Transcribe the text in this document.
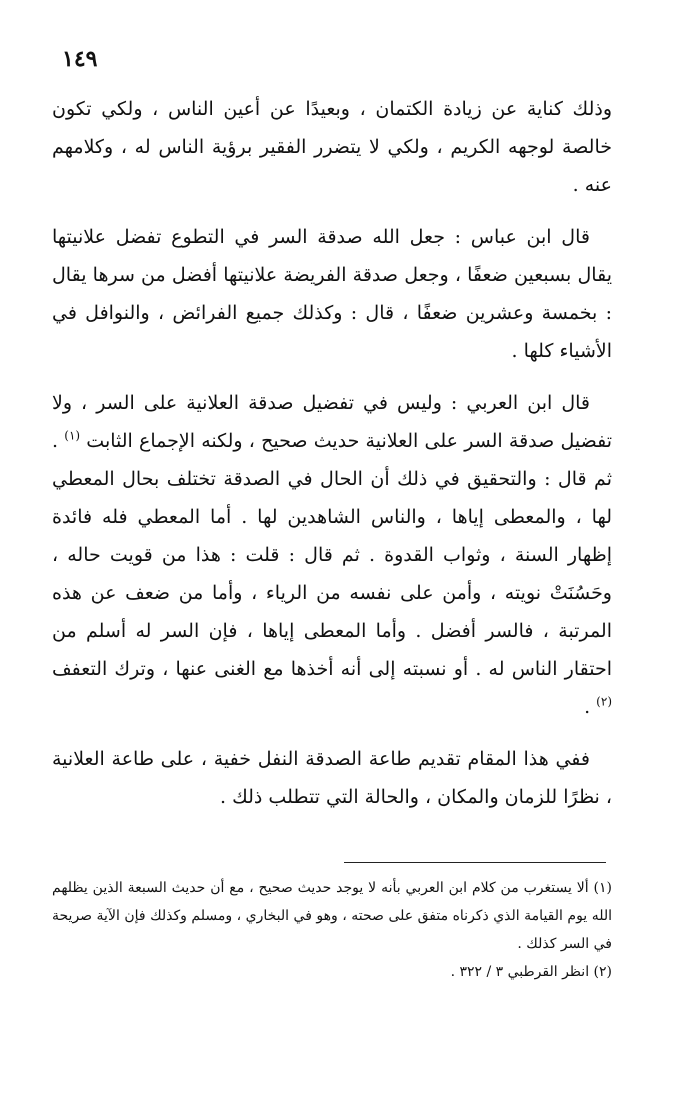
١٤٩

وذلك كناية عن زيادة الكتمان ، وبعيدًا عن أعين الناس ، ولكي تكون خالصة لوجهه الكريم ، ولكي لا يتضرر الفقير برؤية الناس له ، وكلامهم عنه .

قال ابن عباس : جعل الله صدقة السر في التطوع تفضل علانيتها يقال بسبعين ضعفًا ، وجعل صدقة الفريضة علانيتها أفضل من سرها يقال : بخمسة وعشرين ضعفًا ، قال : وكذلك جميع الفرائض ، والنوافل في الأشياء كلها .

قال ابن العربي : وليس في تفضيل صدقة العلانية على السر ، ولا تفضيل صدقة السر على العلانية حديث صحيح ، ولكنه الإجماع الثابت $^{(١)}$ . ثم قال : والتحقيق في ذلك أن الحال في الصدقة تختلف بحال المعطي لها ، والمعطى إياها ، والناس الشاهدين لها . أما المعطي فله فائدة إظهار السنة ، وثواب القدوة . ثم قال : قلت : هذا من قويت حاله ، وحَسُنَتْ نويته ، وأمن على نفسه من الرياء ، وأما من ضعف عن هذه المرتبة ، فالسر أفضل . وأما المعطى إياها ، فإن السر له أسلم من احتقار الناس له . أو نسبته إلى أنه أخذها مع الغنى عنها ، وترك التعفف $^{(٢)}$ .

ففي هذا المقام تقديم طاعة الصدقة النفل خفية ، على طاعة العلانية ، نظرًا للزمان والمكان ، والحالة التي تتطلب ذلك .

(١) ألا يستغرب من كلام ابن العربي بأنه لا يوجد حديث صحيح ، مع أن حديث السبعة الذين يظلهم الله يوم القيامة الذي ذكرناه متفق على صحته ، وهو في البخاري ، ومسلم وكذلك فإن الآية صريحة في السر كذلك .

(٢) انظر القرطبي ٣ / ٣٢٢ .
